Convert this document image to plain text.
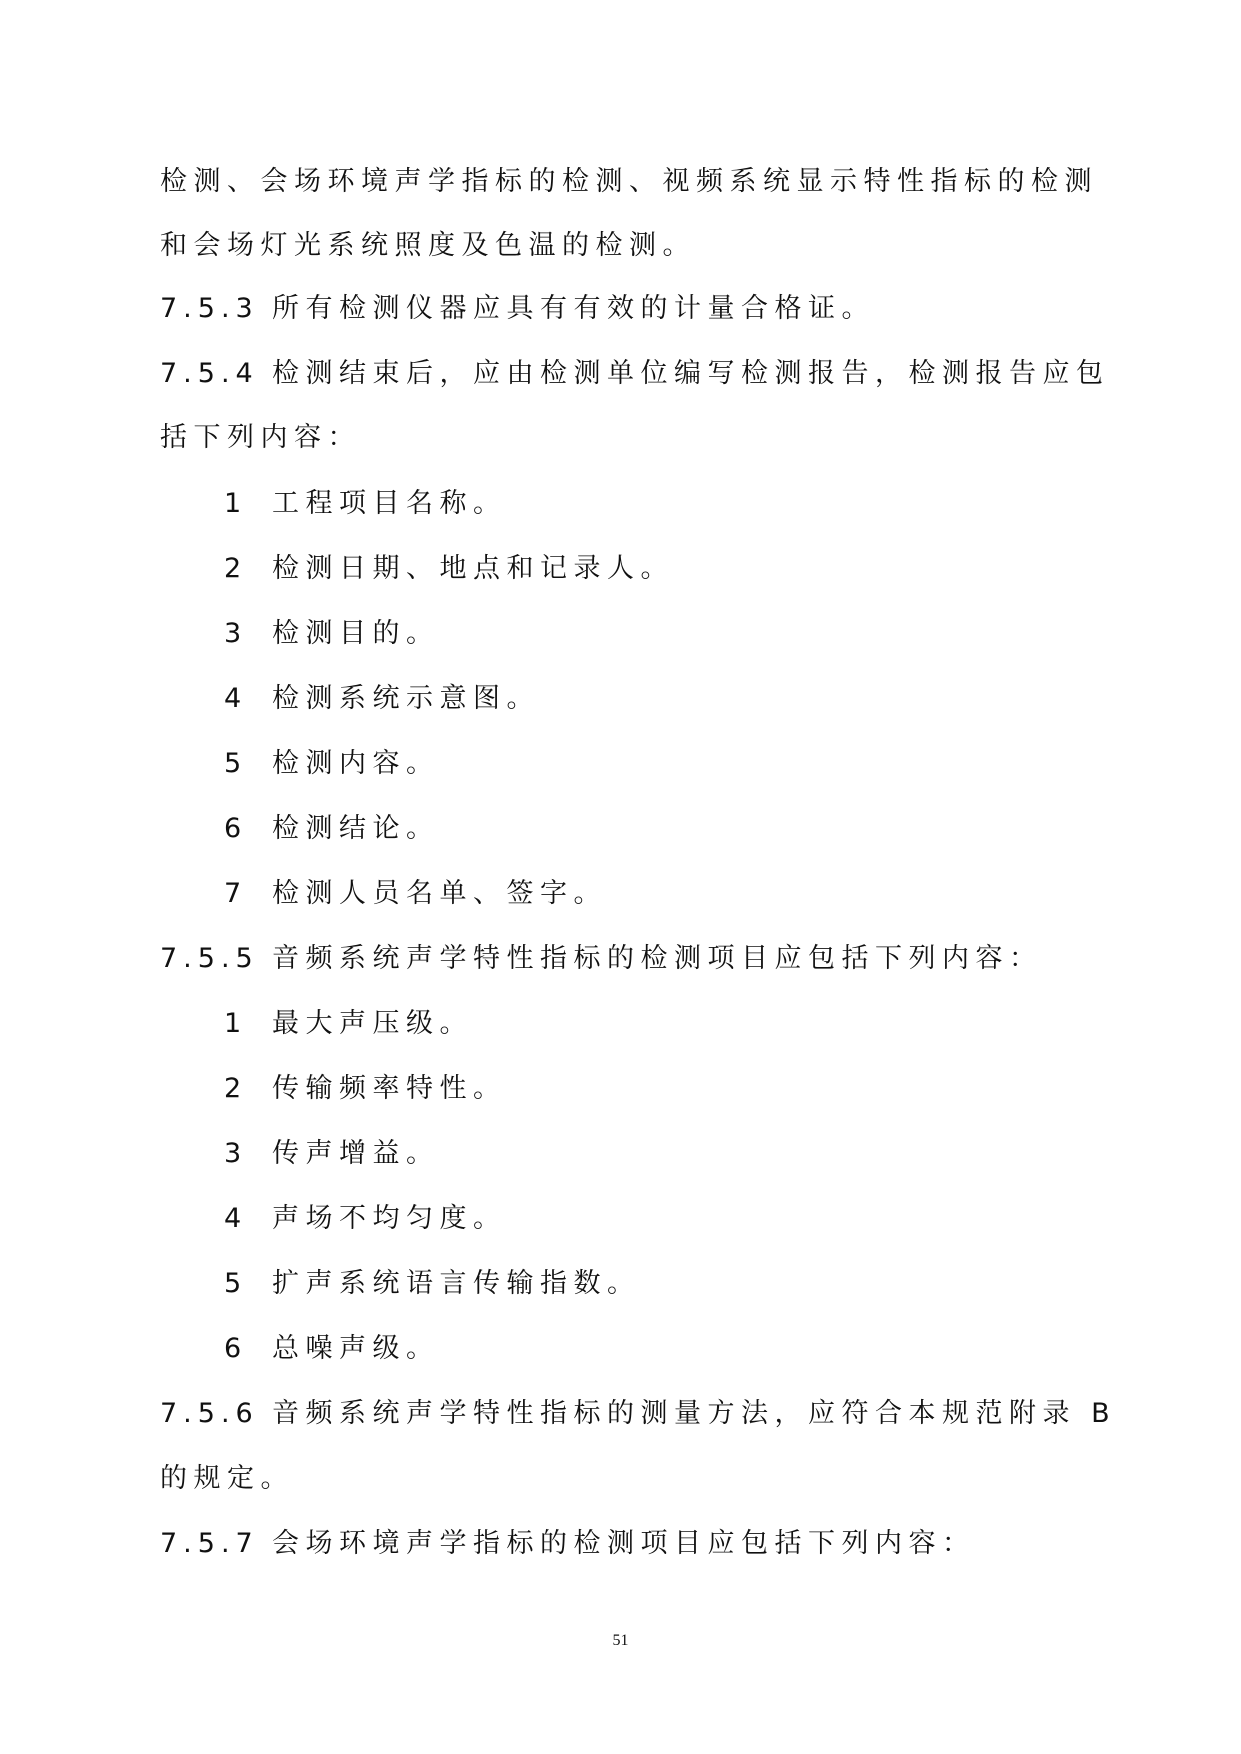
检测、会场环境声学指标的检测、视频系统显示特性指标的检测
和会场灯光系统照度及色温的检测。
7.5.3 所有检测仪器应具有有效的计量合格证。
7.5.4 检测结束后，应由检测单位编写检测报告，检测报告应包
括下列内容：
1 工程项目名称。
2 检测日期、地点和记录人。
3 检测目的。
4 检测系统示意图。
5 检测内容。
6 检测结论。
7 检测人员名单、签字。
7.5.5 音频系统声学特性指标的检测项目应包括下列内容：
1 最大声压级。
2 传输频率特性。
3 传声增益。
4 声场不均匀度。
5 扩声系统语言传输指数。
6 总噪声级。
7.5.6 音频系统声学特性指标的测量方法，应符合本规范附录 B
的规定。
7.5.7 会场环境声学指标的检测项目应包括下列内容：
51
